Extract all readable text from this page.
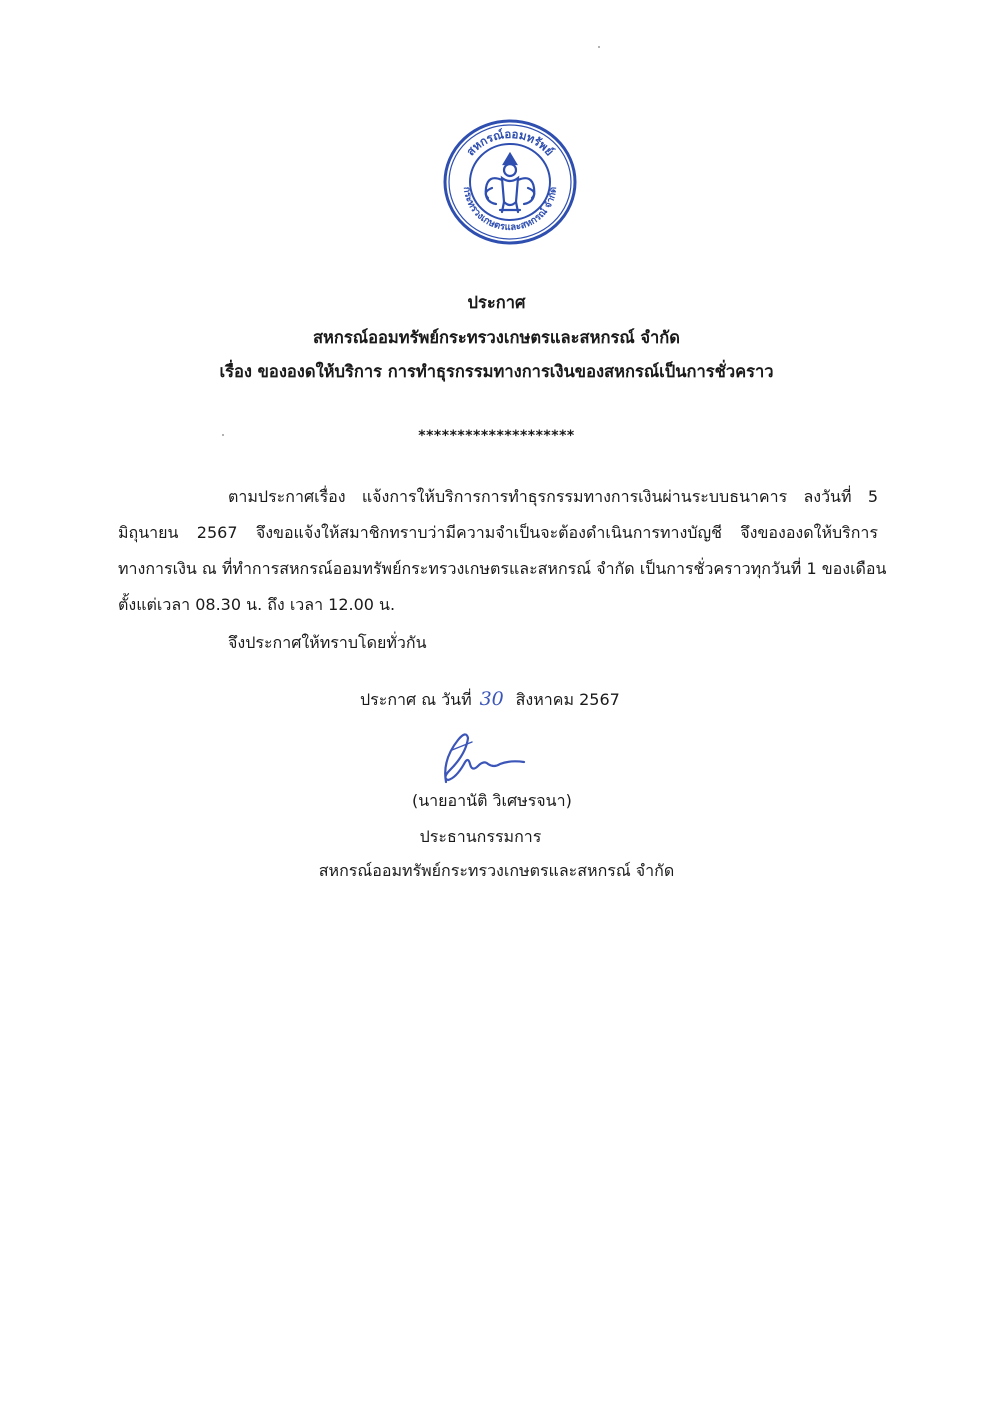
สหกรณ์ออมทรัพย์
กระทรวงเกษตรและสหกรณ์ จำกัด
ประกาศ
สหกรณ์ออมทรัพย์กระทรวงเกษตรและสหกรณ์ จำกัด
เรื่อง ขององดให้บริการ การทำธุรกรรมทางการเงินของสหกรณ์เป็นการชั่วคราว
********************
ตามประกาศเรื่อง แจ้งการให้บริการการทำธุรกรรมทางการเงินผ่านระบบธนาคาร ลงวันที่ 5
มิถุนายน 2567 จึงขอแจ้งให้สมาชิกทราบว่ามีความจำเป็นจะต้องดำเนินการทางบัญชี จึงขององดให้บริการ
ทางการเงิน ณ ที่ทำการสหกรณ์ออมทรัพย์กระทรวงเกษตรและสหกรณ์ จำกัด เป็นการชั่วคราวทุกวันที่ 1 ของเดือน
ตั้งแต่เวลา 08.30 น. ถึง เวลา 12.00 น.
จึงประกาศให้ทราบโดยทั่วกัน
ประกาศ ณ วันที่ 30 สิงหาคม 2567
(นายอานัติ วิเศษรจนา)
ประธานกรรมการ
สหกรณ์ออมทรัพย์กระทรวงเกษตรและสหกรณ์ จำกัด
